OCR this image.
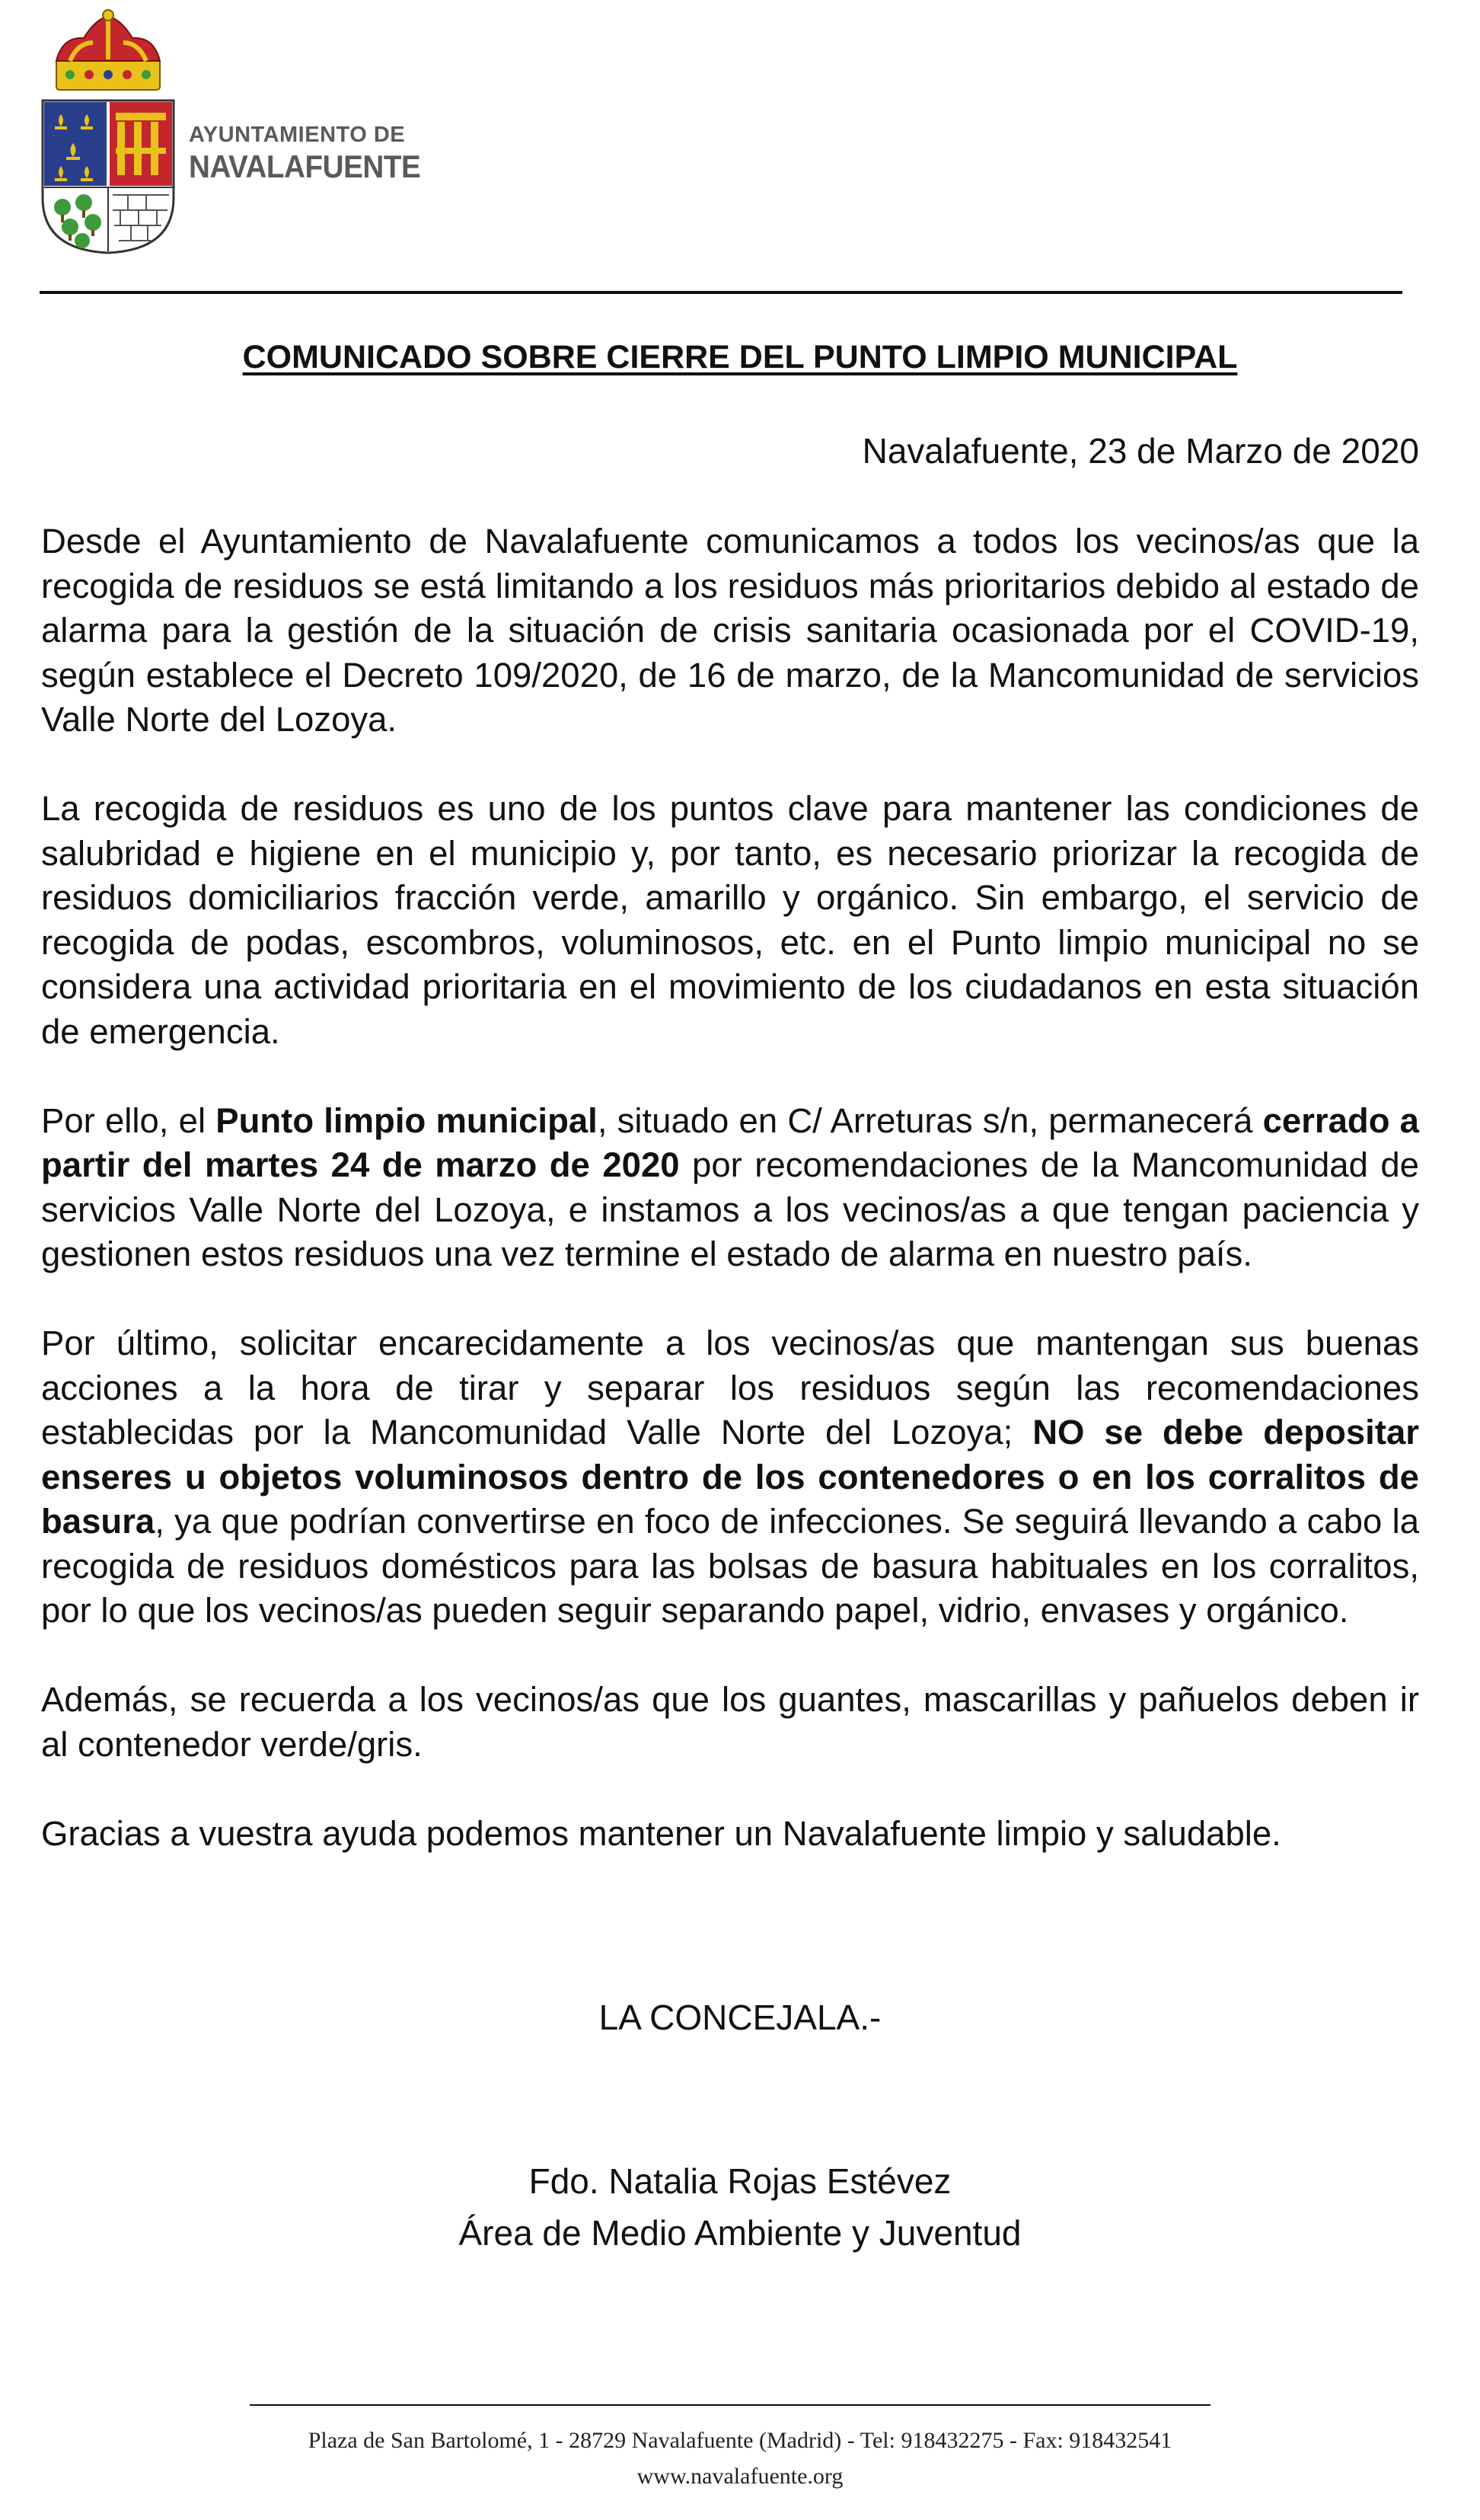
AYUNTAMIENTO DE
NAVALAFUENTE
COMUNICADO SOBRE CIERRE DEL PUNTO LIMPIO MUNICIPAL
Navalafuente, 23 de Marzo de 2020

Desde el Ayuntamiento de Navalafuente comunicamos a todos los vecinos/as que la recogida de residuos se está limitando a los residuos más prioritarios debido al estado de alarma para la gestión de la situación de crisis sanitaria ocasionada por el COVID-19, según establece el Decreto 109/2020, de 16 de marzo, de la Mancomunidad de servicios Valle Norte del Lozoya.

La recogida de residuos es uno de los puntos clave para mantener las condiciones de salubridad e higiene en el municipio y, por tanto, es necesario priorizar la recogida de residuos domiciliarios fracción verde, amarillo y orgánico. Sin embargo, el servicio de recogida de podas, escombros, voluminosos, etc. en el Punto limpio municipal no se considera una actividad prioritaria en el movimiento de los ciudadanos en esta situación de emergencia.

Por ello, el Punto limpio municipal, situado en C/ Arreturas s/n, permanecerá cerrado a partir del martes 24 de marzo de 2020 por recomendaciones de la Mancomunidad de servicios Valle Norte del Lozoya, e instamos a los vecinos/as a que tengan paciencia y gestionen estos residuos una vez termine el estado de alarma en nuestro país.

Por último, solicitar encarecidamente a los vecinos/as que mantengan sus buenas acciones a la hora de tirar y separar los residuos según las recomendaciones establecidas por la Mancomunidad Valle Norte del Lozoya; NO se debe depositar enseres u objetos voluminosos dentro de los contenedores o en los corralitos de basura, ya que podrían convertirse en foco de infecciones. Se seguirá llevando a cabo la recogida de residuos domésticos para las bolsas de basura habituales en los corralitos, por lo que los vecinos/as pueden seguir separando papel, vidrio, envases y orgánico.

Además, se recuerda a los vecinos/as que los guantes, mascarillas y pañuelos deben ir al contenedor verde/gris.

Gracias a vuestra ayuda podemos mantener un Navalafuente limpio y saludable.

LA CONCEJALA.-
Fdo. Natalia Rojas Estévez
Área de Medio Ambiente y Juventud
Plaza de San Bartolomé, 1 - 28729 Navalafuente (Madrid) - Tel: 918432275 - Fax: 918432541
www.navalafuente.org
